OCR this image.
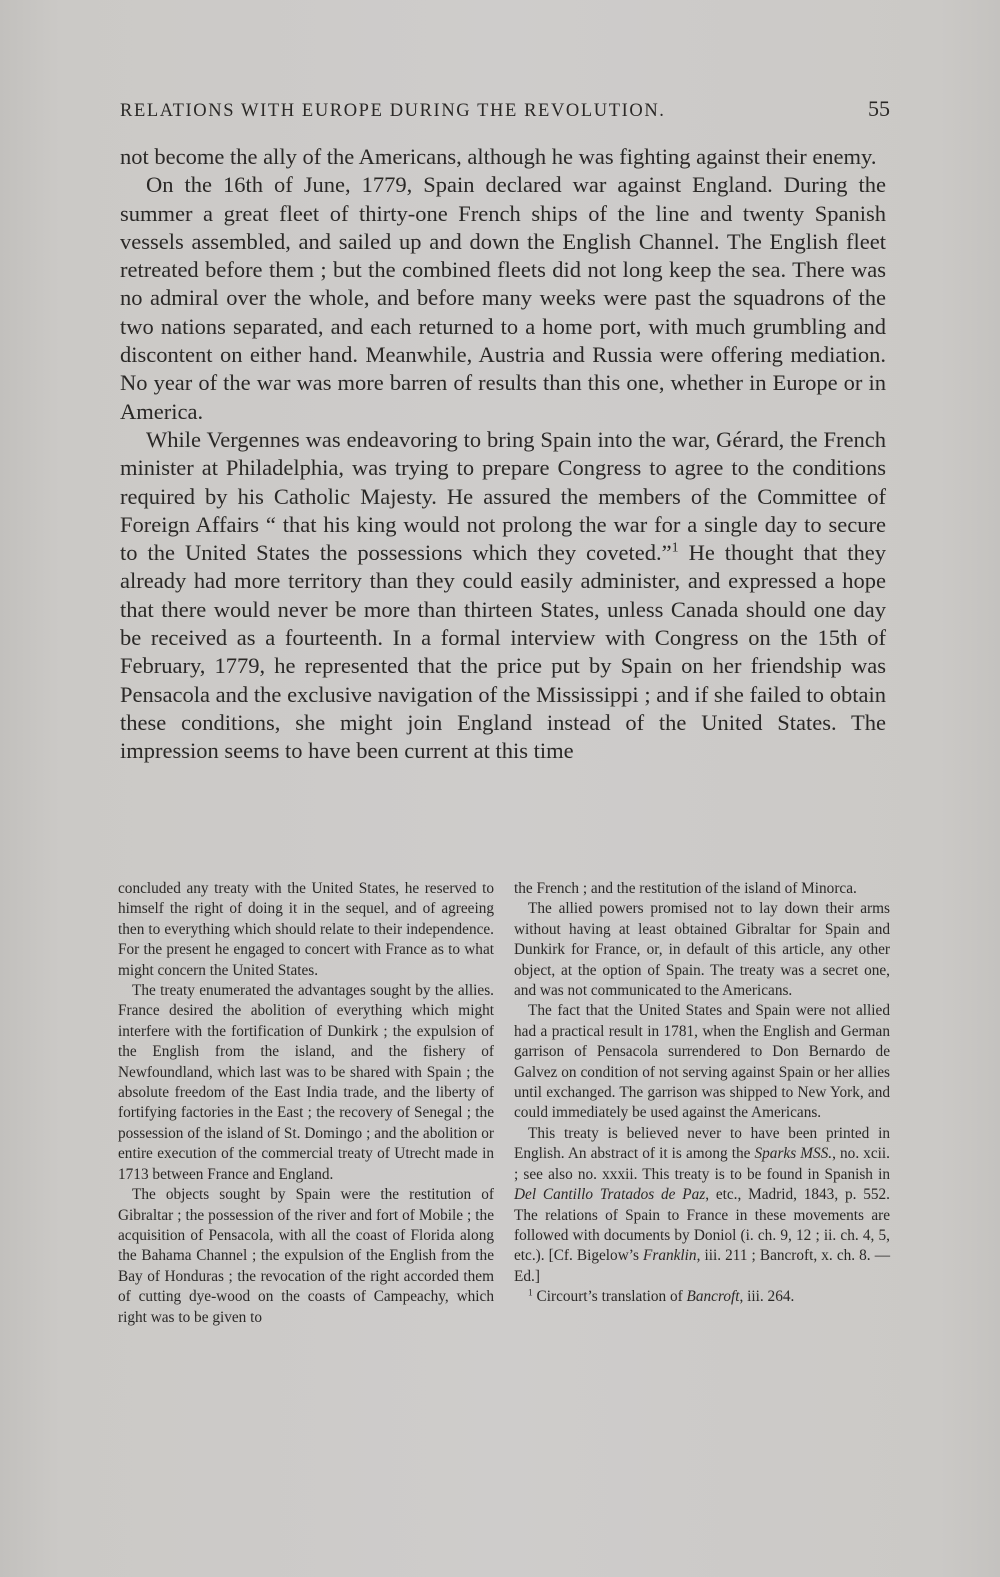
RELATIONS WITH EUROPE DURING THE REVOLUTION.	55

not become the ally of the Americans, although he was fighting against their enemy.

On the 16th of June, 1779, Spain declared war against England. During the summer a great fleet of thirty-one French ships of the line and twenty Spanish vessels assembled, and sailed up and down the English Channel. The English fleet retreated before them ; but the combined fleets did not long keep the sea. There was no admiral over the whole, and before many weeks were past the squadrons of the two nations separated, and each returned to a home port, with much grumbling and discontent on either hand. Meanwhile, Austria and Russia were offering mediation. No year of the war was more barren of results than this one, whether in Europe or in America.

While Vergennes was endeavoring to bring Spain into the war, Gérard, the French minister at Philadelphia, was trying to prepare Congress to agree to the conditions required by his Catholic Majesty. He assured the members of the Committee of Foreign Affairs “ that his king would not prolong the war for a single day to secure to the United States the possessions which they coveted.”$^1$ He thought that they already had more territory than they could easily administer, and expressed a hope that there would never be more than thirteen States, unless Canada should one day be received as a fourteenth. In a formal interview with Congress on the 15th of February, 1779, he represented that the price put by Spain on her friendship was Pensacola and the exclusive navigation of the Mississippi ; and if she failed to obtain these conditions, she might join England instead of the United States. The impression seems to have been current at this time

concluded any treaty with the United States, he reserved to himself the right of doing it in the sequel, and of agreeing then to everything which should relate to their independence. For the present he engaged to concert with France as to what might concern the United States.

The treaty enumerated the advantages sought by the allies. France desired the abolition of everything which might interfere with the fortification of Dunkirk ; the expulsion of the English from the island, and the fishery of Newfoundland, which last was to be shared with Spain ; the absolute freedom of the East India trade, and the liberty of fortifying factories in the East ; the recovery of Senegal ; the possession of the island of St. Domingo ; and the abolition or entire execution of the commercial treaty of Utrecht made in 1713 between France and England.

The objects sought by Spain were the restitution of Gibraltar ; the possession of the river and fort of Mobile ; the acquisition of Pensacola, with all the coast of Florida along the Bahama Channel ; the expulsion of the English from the Bay of Honduras ; the revocation of the right accorded them of cutting dye-wood on the coasts of Campeachy, which right was to be given to

the French ; and the restitution of the island of Minorca.

The allied powers promised not to lay down their arms without having at least obtained Gibraltar for Spain and Dunkirk for France, or, in default of this article, any other object, at the option of Spain. The treaty was a secret one, and was not communicated to the Americans.

The fact that the United States and Spain were not allied had a practical result in 1781, when the English and German garrison of Pensacola surrendered to Don Bernardo de Galvez on condition of not serving against Spain or her allies until exchanged. The garrison was shipped to New York, and could immediately be used against the Americans.

This treaty is believed never to have been printed in English. An abstract of it is among the Sparks MSS., no. xcii. ; see also no. xxxii. This treaty is to be found in Spanish in Del Cantillo Tratados de Paz, etc., Madrid, 1843, p. 552. The relations of Spain to France in these movements are followed with documents by Doniol (i. ch. 9, 12 ; ii. ch. 4, 5, etc.). [Cf. Bigelow’s Franklin, iii. 211 ; Bancroft, x. ch. 8. — Ed.]

$^1$ Circourt’s translation of Bancroft, iii. 264.
